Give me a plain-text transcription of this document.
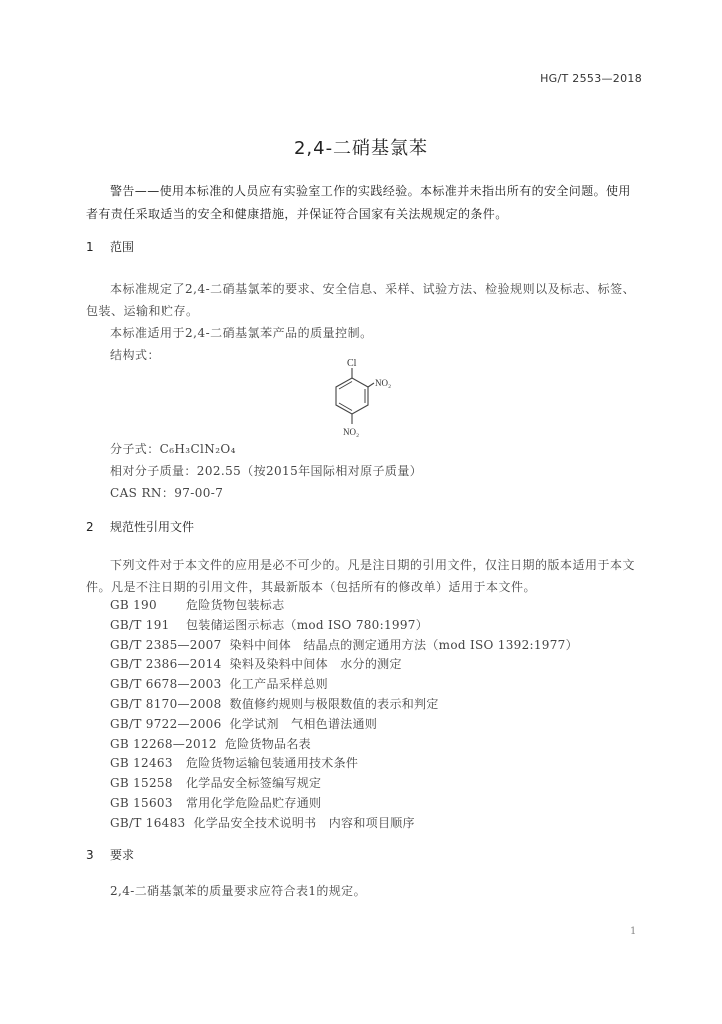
HG/T 2553—2018
2,4-二硝基氯苯

警告——使用本标准的人员应有实验室工作的实践经验。本标准并未指出所有的安全问题。使用

者有责任采取适当的安全和健康措施，并保证符合国家有关法规规定的条件。
1 范围

本标准规定了2,4-二硝基氯苯的要求、安全信息、采样、试验方法、检验规则以及标志、标签、

包装、运输和贮存。

本标准适用于2,4-二硝基氯苯产品的质量控制。

结构式：

Cl
NO₂
NO₂
分子式：C₆H₃ClN₂O₄
相对分子质量：202.55（按2015年国际相对原子质量）
CAS RN：97-00-7
2 规范性引用文件

下列文件对于本文件的应用是必不可少的。凡是注日期的引用文件，仅注日期的版本适用于本文

件。凡是不注日期的引用文件，其最新版本（包括所有的修改单）适用于本文件。
GB 190 危险货物包装标志
GB/T 191 包装储运图示标志（mod ISO 780:1997）
GB/T 2385—2007 染料中间体　结晶点的测定通用方法（mod ISO 1392:1977）
GB/T 2386—2014 染料及染料中间体　水分的测定
GB/T 6678—2003 化工产品采样总则
GB/T 8170—2008 数值修约规则与极限数值的表示和判定
GB/T 9722—2006 化学试剂　气相色谱法通则
GB 12268—2012 危险货物品名表
GB 12463 危险货物运输包装通用技术条件
GB 15258 化学品安全标签编写规定
GB 15603 常用化学危险品贮存通则
GB/T 16483 化学品安全技术说明书　内容和项目顺序
3 要求
2,4-二硝基氯苯的质量要求应符合表1的规定。
1
